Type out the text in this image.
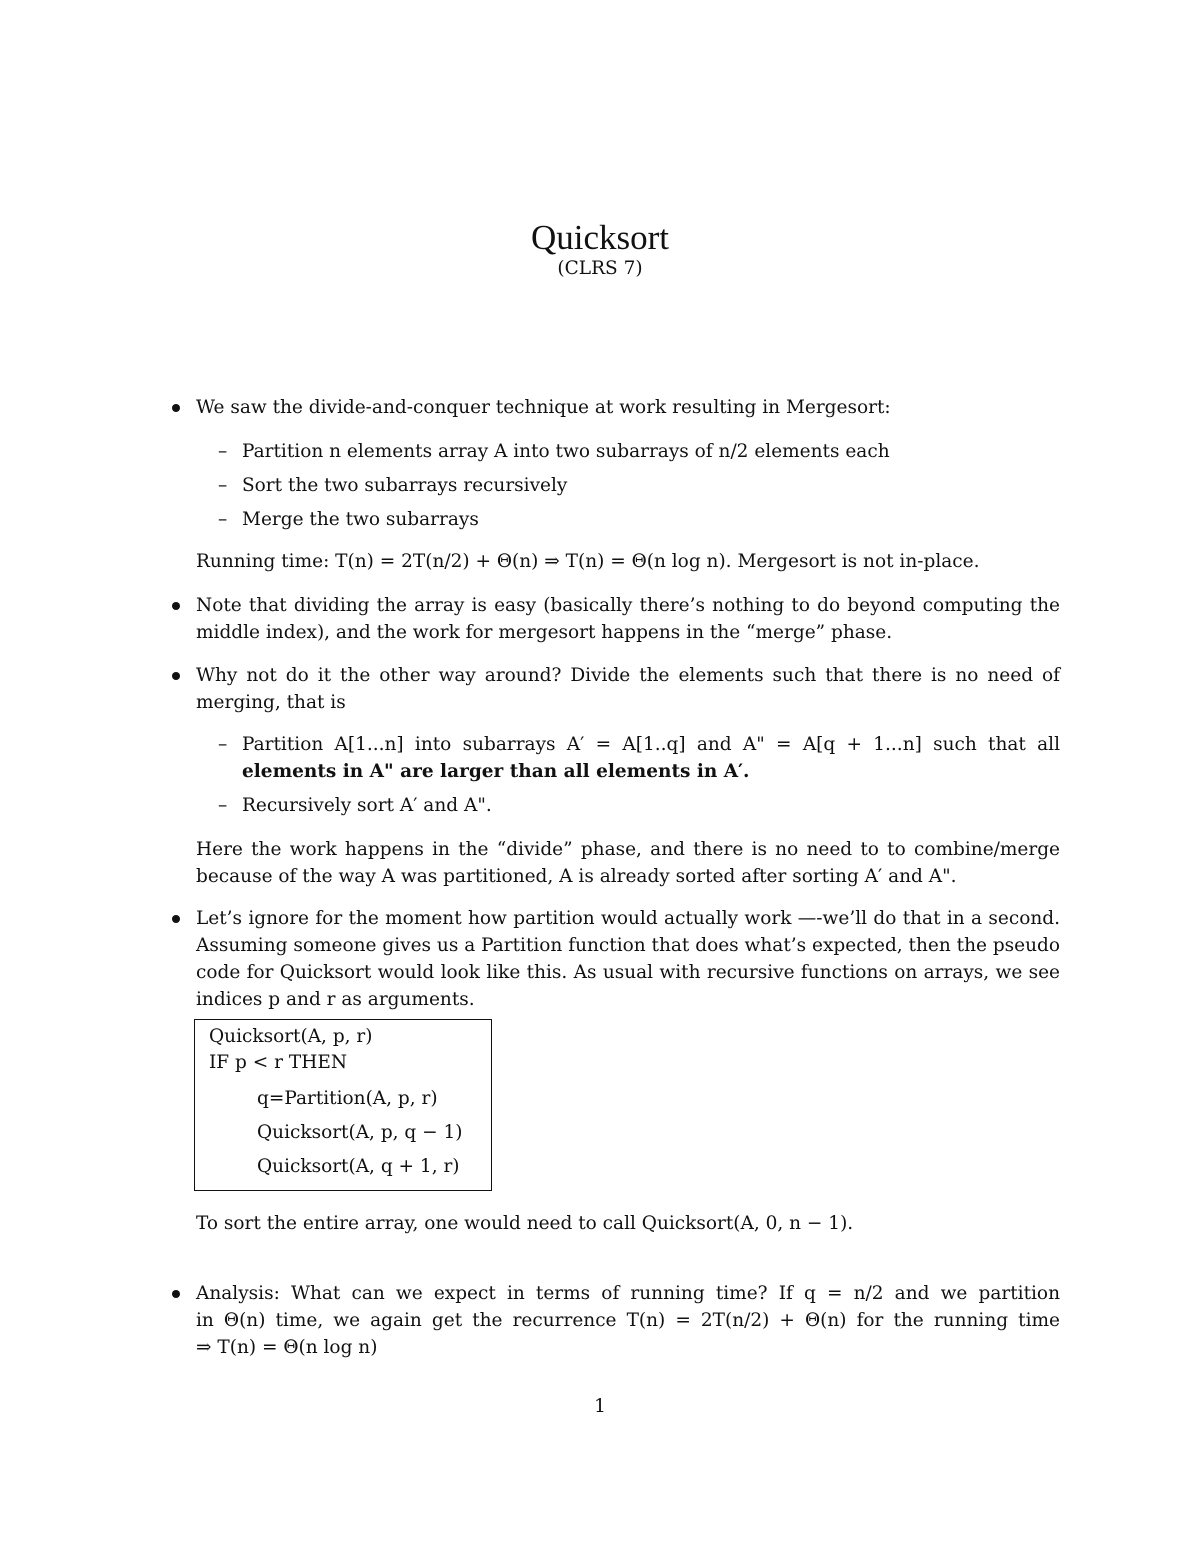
Quicksort
(CLRS 7)
We saw the divide-and-conquer technique at work resulting in Mergesort:
– Partition n elements array A into two subarrays of n/2 elements each
– Sort the two subarrays recursively
– Merge the two subarrays
Running time: T(n) = 2T(n/2) + Θ(n) ⇒ T(n) = Θ(n log n). Mergesort is not in-place.
Note that dividing the array is easy (basically there’s nothing to do beyond computing the
middle index), and the work for mergesort happens in the “merge” phase.
Why not do it the other way around? Divide the elements such that there is no need of
merging, that is
– Partition A[1...n] into subarrays A′ = A[1..q] and A" = A[q + 1...n] such that all
elements in A" are larger than all elements in A′.
– Recursively sort A′ and A".
Here the work happens in the “divide” phase, and there is no need to to combine/merge
because of the way A was partitioned, A is already sorted after sorting A′ and A".
Let’s ignore for the moment how partition would actually work —-we’ll do that in a second.
Assuming someone gives us a Partition function that does what’s expected, then the pseudo
code for Quicksort would look like this. As usual with recursive functions on arrays, we see
indices p and r as arguments.
Quicksort(A, p, r)
IF p < r THEN
q=Partition(A, p, r)
Quicksort(A, p, q − 1)
Quicksort(A, q + 1, r)
To sort the entire array, one would need to call Quicksort(A, 0, n − 1).
Analysis: What can we expect in terms of running time? If q = n/2 and we partition
in Θ(n) time, we again get the recurrence T(n) = 2T(n/2) + Θ(n) for the running time
⇒ T(n) = Θ(n log n)
1
